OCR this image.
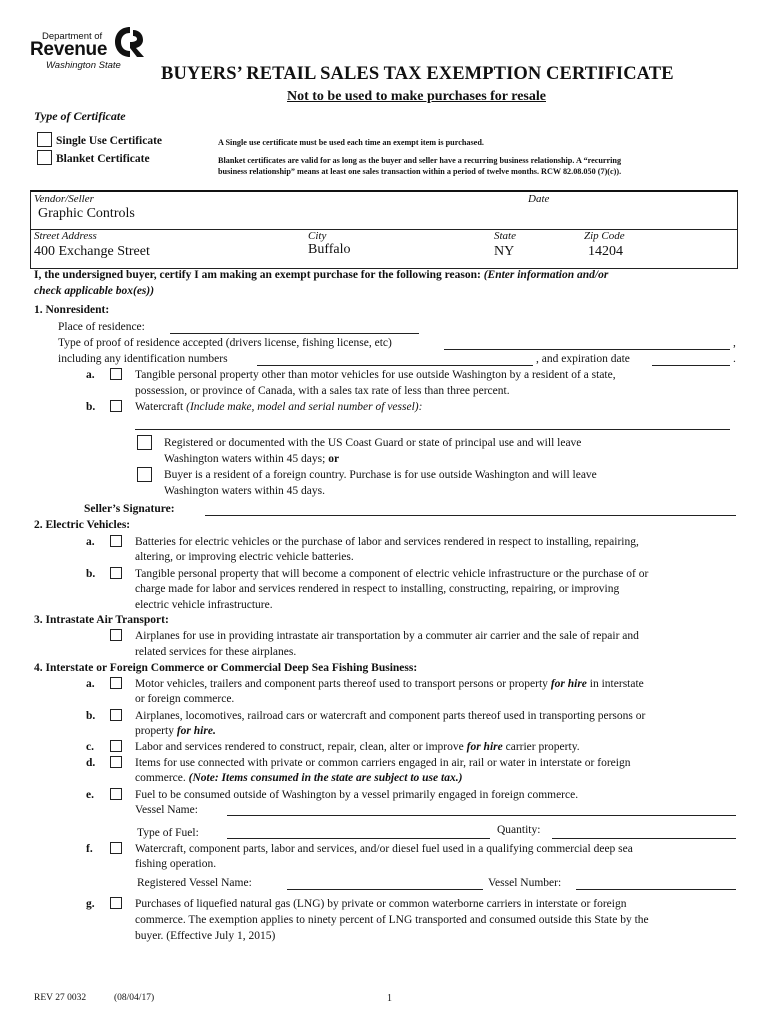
Department of
Revenue
Washington State BUYERS’ RETAIL SALES TAX EXEMPTION CERTIFICATE
Not to be used to make purchases for resale
Type of Certificate
Single Use Certificate
Blanket Certificate
A Single use certificate must be used each time an exempt item is purchased.
Blanket certificates are valid for as long as the buyer and seller have a recurring business relationship. A “recurring
business relationship” means at least one sales transaction within a period of twelve months. RCW 82.08.050 (7)(c)).
Vendor/Seller
Graphic Controls
Date
Street Address
400 Exchange Street
City
Buffalo
State
NY
Zip Code
14204
I, the undersigned buyer, certify I am making an exempt purchase for the following reason: (Enter information and/or
check applicable box(es))
1. Nonresident:
Place of residence:
Type of proof of residence accepted (drivers license, fishing license, etc)	,
including any identification numbers	, and expiration date	.
a.	Tangible personal property other than motor vehicles for use outside Washington by a resident of a state,
possession, or province of Canada, with a sales tax rate of less than three percent.
b.	Watercraft (Include make, model and serial number of vessel):
Registered or documented with the US Coast Guard or state of principal use and will leave
Washington waters within 45 days; or
Buyer is a resident of a foreign country. Purchase is for use outside Washington and will leave
Washington waters within 45 days.
Seller’s Signature:
2. Electric Vehicles:
a.	Batteries for electric vehicles or the purchase of labor and services rendered in respect to installing, repairing,
altering, or improving electric vehicle batteries.
b.	Tangible personal property that will become a component of electric vehicle infrastructure or the purchase of or
charge made for labor and services rendered in respect to installing, constructing, repairing, or improving
electric vehicle infrastructure.
3. Intrastate Air Transport:
Airplanes for use in providing intrastate air transportation by a commuter air carrier and the sale of repair and
related services for these airplanes.
4. Interstate or Foreign Commerce or Commercial Deep Sea Fishing Business:
a.	Motor vehicles, trailers and component parts thereof used to transport persons or property for hire in interstate
or foreign commerce.
b.	Airplanes, locomotives, railroad cars or watercraft and component parts thereof used in transporting persons or
property for hire.
c.	Labor and services rendered to construct, repair, clean, alter or improve for hire carrier property.
d.	Items for use connected with private or common carriers engaged in air, rail or water in interstate or foreign
commerce. (Note: Items consumed in the state are subject to use tax.)
e.	Fuel to be consumed outside of Washington by a vessel primarily engaged in foreign commerce.
Vessel Name:
Quantity:
Type of Fuel:
f.	Watercraft, component parts, labor and services, and/or diesel fuel used in a qualifying commercial deep sea
fishing operation.
Registered Vessel Name:	Vessel Number:
g.	Purchases of liquefied natural gas (LNG) by private or common waterborne carriers in interstate or foreign
commerce. The exemption applies to ninety percent of LNG transported and consumed outside this State by the
buyer. (Effective July 1, 2015)
REV 27 0032	(08/04/17)	1
